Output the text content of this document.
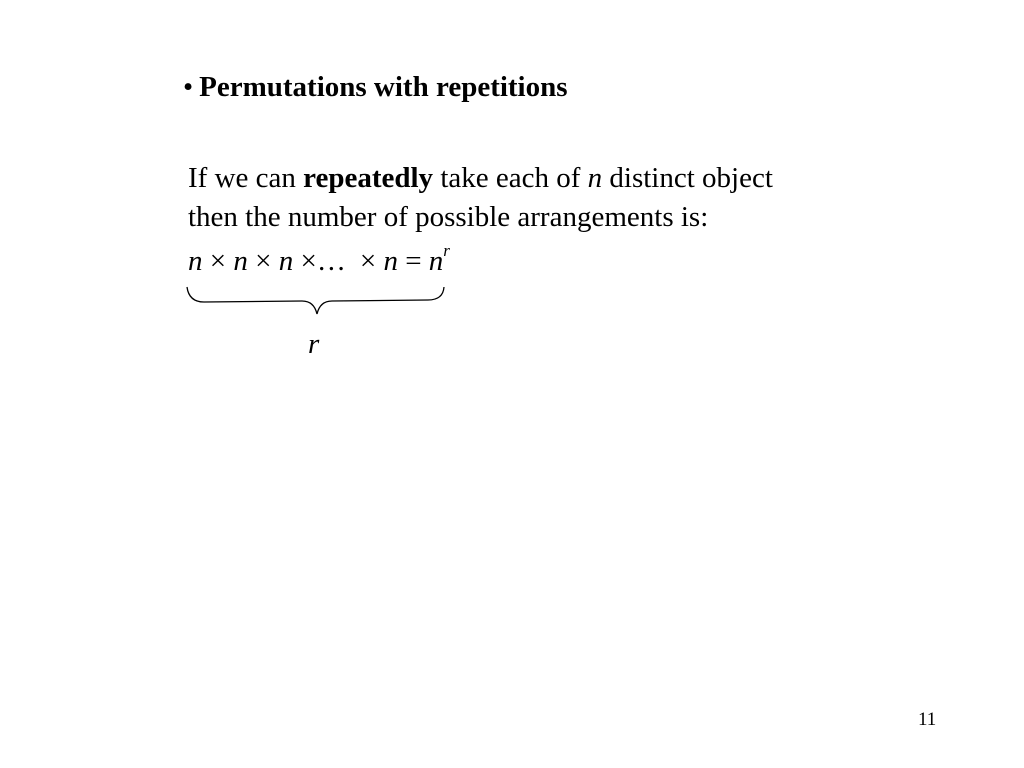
• Permutations with repetitions
If we can repeatedly take each of n distinct object
then the number of possible arrangements is:
n × n × n ×… × $n = n^r$
r
11
